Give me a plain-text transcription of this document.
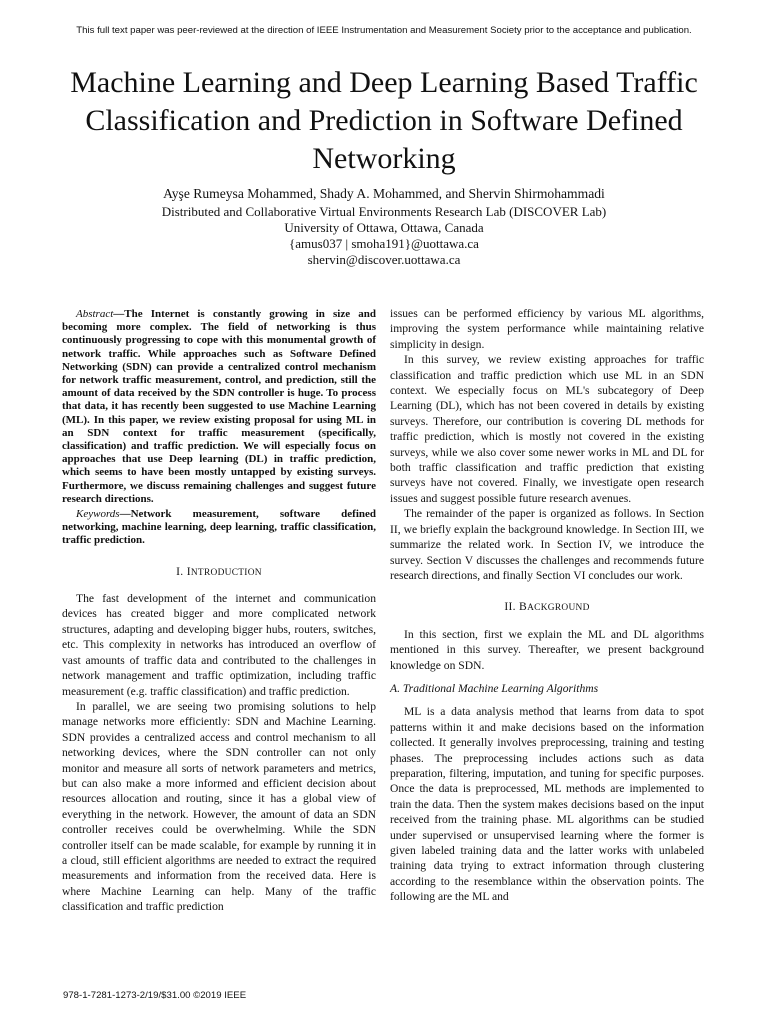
This full text paper was peer-reviewed at the direction of IEEE Instrumentation and Measurement Society prior to the acceptance and publication.
Machine Learning and Deep Learning Based Traffic Classification and Prediction in Software Defined Networking
Ayşe Rumeysa Mohammed, Shady A. Mohammed, and Shervin Shirmohammadi
Distributed and Collaborative Virtual Environments Research Lab (DISCOVER Lab)
University of Ottawa, Ottawa, Canada
{amus037 | smoha191}@uottawa.ca
shervin@discover.uottawa.ca

Abstract—The Internet is constantly growing in size and becoming more complex. The field of networking is thus continuously progressing to cope with this monumental growth of network traffic. While approaches such as Software Defined Networking (SDN) can provide a centralized control mechanism for network traffic measurement, control, and prediction, still the amount of data received by the SDN controller is huge. To process that data, it has recently been suggested to use Machine Learning (ML). In this paper, we review existing proposal for using ML in an SDN context for traffic measurement (specifically, classification) and traffic prediction. We will especially focus on approaches that use Deep learning (DL) in traffic prediction, which seems to have been mostly untapped by existing surveys. Furthermore, we discuss remaining challenges and suggest future research directions.

Keywords—Network measurement, software defined networking, machine learning, deep learning, traffic classification, traffic prediction.

I. INTRODUCTION

The fast development of the internet and communication devices has created bigger and more complicated network structures, adapting and developing bigger hubs, routers, switches, etc. This complexity in networks has introduced an overflow of vast amounts of traffic data and contributed to the challenges in network management and traffic optimization, including traffic measurement (e.g. traffic classification) and traffic prediction.

In parallel, we are seeing two promising solutions to help manage networks more efficiently: SDN and Machine Learning. SDN provides a centralized access and control mechanism to all networking devices, where the SDN controller can not only monitor and measure all sorts of network parameters and metrics, but can also make a more informed and efficient decision about resources allocation and routing, since it has a global view of everything in the network. However, the amount of data an SDN controller receives could be overwhelming. While the SDN controller itself can be made scalable, for example by running it in a cloud, still efficient algorithms are needed to extract the required measurements and information from the received data. Here is where Machine Learning can help. Many of the traffic classification and traffic prediction

issues can be performed efficiency by various ML algorithms, improving the system performance while maintaining relative simplicity in design.

In this survey, we review existing approaches for traffic classification and traffic prediction which use ML in an SDN context. We especially focus on ML's subcategory of Deep Learning (DL), which has not been covered in details by existing surveys. Therefore, our contribution is covering DL methods for traffic prediction, which is mostly not covered in the existing surveys, while we also cover some newer works in ML and DL for both traffic classification and traffic prediction that existing surveys have not covered. Finally, we investigate open research issues and suggest possible future research avenues.

The remainder of the paper is organized as follows. In Section II, we briefly explain the background knowledge. In Section III, we summarize the related work. In Section IV, we introduce the survey. Section V discusses the challenges and recommends future research directions, and finally Section VI concludes our work.

II. BACKGROUND

In this section, first we explain the ML and DL algorithms mentioned in this survey. Thereafter, we present background knowledge on SDN.

A. Traditional Machine Learning Algorithms

ML is a data analysis method that learns from data to spot patterns within it and make decisions based on the information collected. It generally involves preprocessing, training and testing phases. The preprocessing includes actions such as data preparation, filtering, imputation, and tuning for specific purposes. Once the data is preprocessed, ML methods are implemented to train the data. Then the system makes decisions based on the input received from the training phase. ML algorithms can be studied under supervised or unsupervised learning where the former is given labeled training data and the latter works with unlabeled training data trying to extract information through clustering according to the resemblance within the observation points. The following are the ML and

978-1-7281-1273-2/19/$31.00 ©2019 IEEE
